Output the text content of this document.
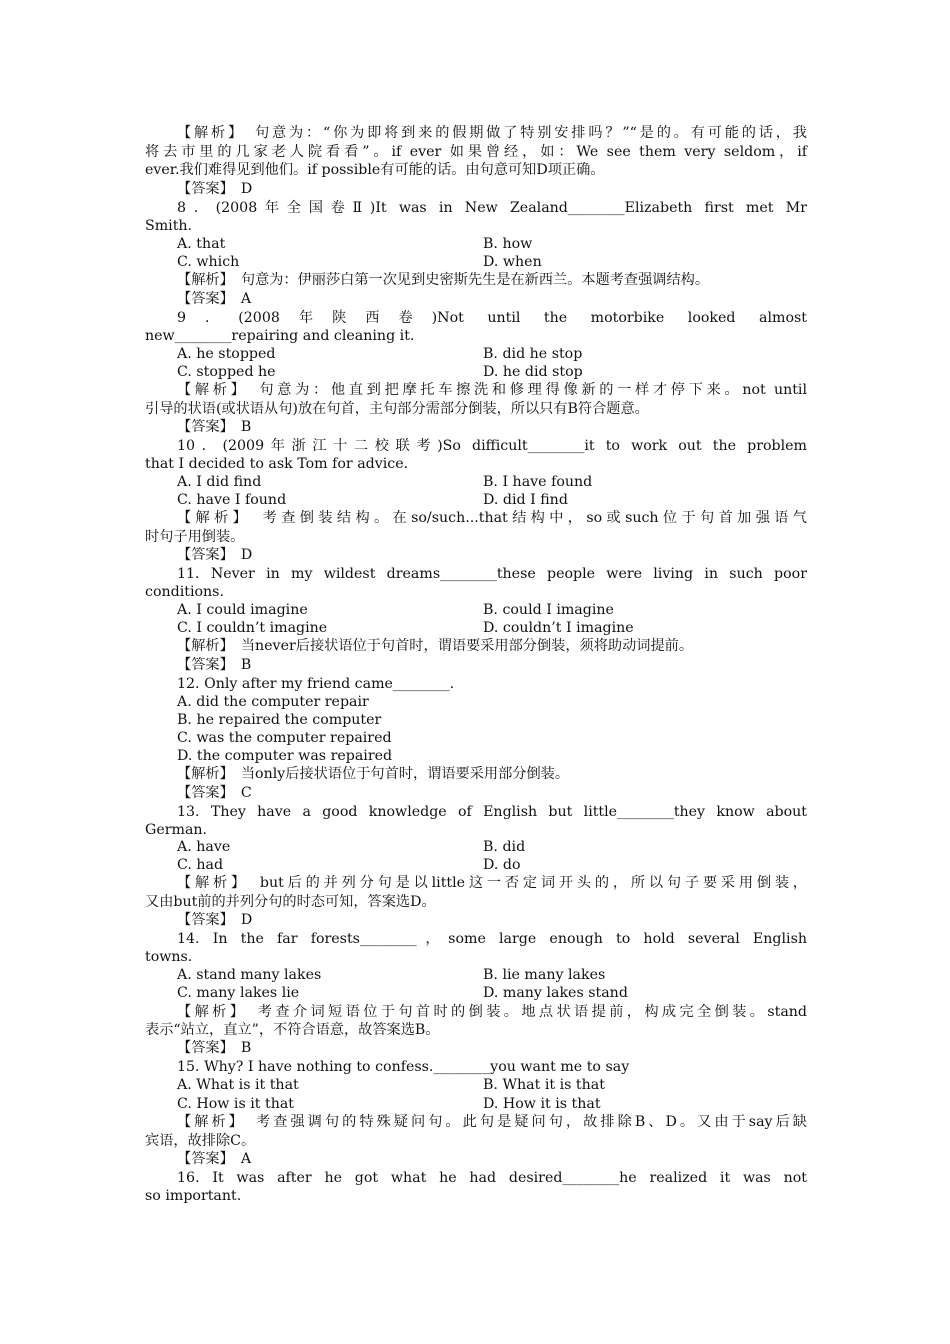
【解析】　句意为：“你为即将到来的假期做了特别安排吗？”“是的。有可能的话，我
将去市里的几家老人院看看”。if ever 如果曾经，如：We see them very seldom，if
ever.我们难得见到他们。if possible有可能的话。由句意可知D项正确。
【答案】　D
8．(2008年全国卷Ⅱ)It was in New Zealand________Elizabeth first met Mr
Smith.
A. that	B. how
C. which	D. when
【解析】　句意为：伊丽莎白第一次见到史密斯先生是在新西兰。本题考查强调结构。
【答案】　A
9．(2008年陕西卷)Not until the motorbike looked almost
new________repairing and cleaning it.
A. he stopped	B. did he stop
C. stopped he	D. he did stop
【解析】　句意为：他直到把摩托车擦洗和修理得像新的一样才停下来。not until
引导的状语(或状语从句)放在句首，主句部分需部分倒装，所以只有B符合题意。
【答案】　B
10．(2009年浙江十二校联考)So difficult________it to work out the problem
that I decided to ask Tom for advice.
A. I did find	B. I have found
C. have I found	D. did I find
【解析】　考查倒装结构。在so/such...that结构中，so或such位于句首加强语气
时句子用倒装。
【答案】　D
11. Never in my wildest dreams________these people were living in such poor
conditions.
A. I could imagine	B. could I imagine
C. I couldn’t imagine	D. couldn’t I imagine
【解析】　当never后接状语位于句首时，谓语要采用部分倒装，须将助动词提前。
【答案】　B
12. Only after my friend came________.
A. did the computer repair
B. he repaired the computer
C. was the computer repaired
D. the computer was repaired
【解析】　当only后接状语位于句首时，谓语要采用部分倒装。
【答案】　C
13. They have a good knowledge of English but little________they know about
German.
A. have	B. did
C. had	D. do
【解析】　but后的并列分句是以little这一否定词开头的，所以句子要采用倒装，
又由but前的并列分句的时态可知，答案选D。
【答案】　D
14. In the far forests________，some large enough to hold several English
towns.
A. stand many lakes	B. lie many lakes
C. many lakes lie	D. many lakes stand
【解析】　考查介词短语位于句首时的倒装。地点状语提前，构成完全倒装。stand
表示“站立，直立”，不符合语意，故答案选B。
【答案】　B
15. Why? I have nothing to confess.________you want me to say
A. What is it that	B. What it is that
C. How is it that	D. How it is that
【解析】　考查强调句的特殊疑问句。此句是疑问句，故排除B、D。又由于say后缺
宾语，故排除C。
【答案】　A
16. It was after he got what he had desired________he realized it was not
so important.
